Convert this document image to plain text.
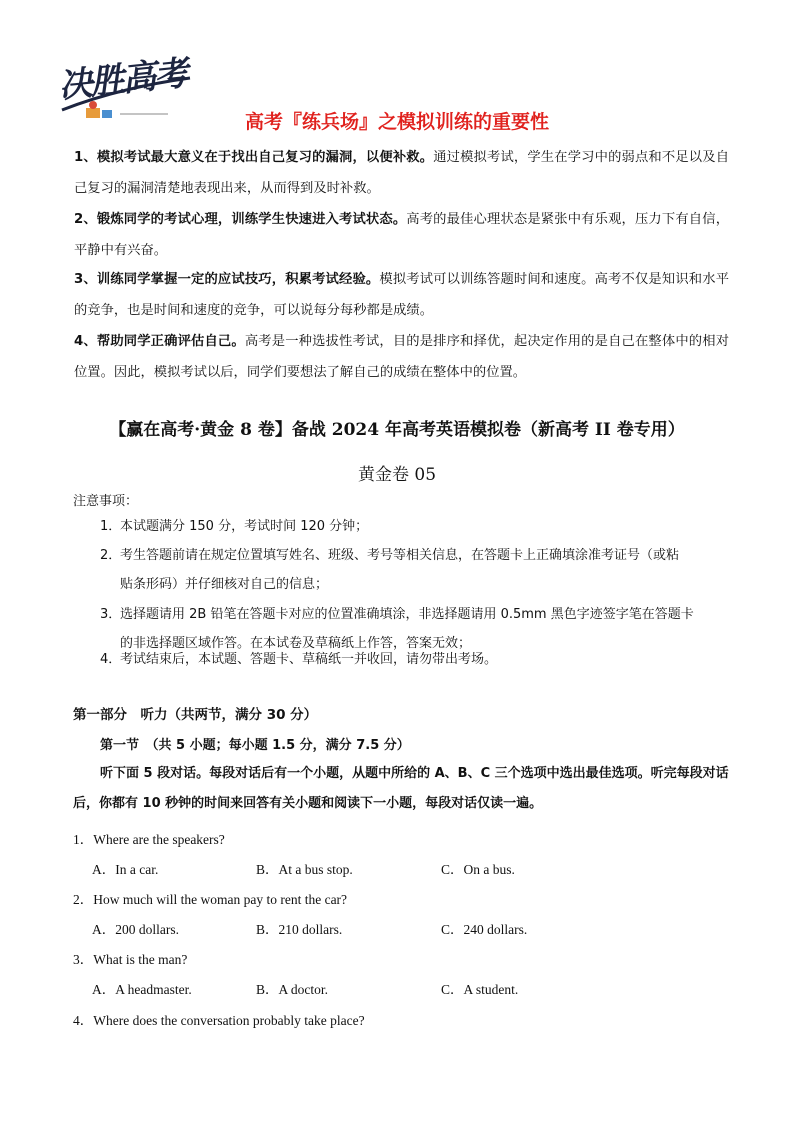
决胜高考
高考『练兵场』之模拟训练的重要性
1、模拟考试最大意义在于找出自己复习的漏洞，以便补救。通过模拟考试，学生在学习中的弱点和不足以及自己复习的漏洞清楚地表现出来，从而得到及时补救。
2、锻炼同学的考试心理，训练学生快速进入考试状态。高考的最佳心理状态是紧张中有乐观，压力下有自信，平静中有兴奋。
3、训练同学掌握一定的应试技巧，积累考试经验。模拟考试可以训练答题时间和速度。高考不仅是知识和水平的竞争，也是时间和速度的竞争，可以说每分每秒都是成绩。
4、帮助同学正确评估自己。高考是一种选拔性考试，目的是排序和择优，起决定作用的是自己在整体中的相对位置。因此，模拟考试以后，同学们要想法了解自己的成绩在整体中的位置。
【赢在高考·黄金 8 卷】备战 2024 年高考英语模拟卷（新高考 II 卷专用）
黄金卷 05
注意事项：
1．本试题满分 150 分，考试时间 120 分钟；
2．考生答题前请在规定位置填写姓名、班级、考号等相关信息，在答题卡上正确填涂准考证号（或粘
贴条形码）并仔细核对自己的信息；
3．选择题请用 2B 铅笔在答题卡对应的位置准确填涂，非选择题请用 0.5mm 黑色字迹签字笔在答题卡
的非选择题区域作答。在本试卷及草稿纸上作答，答案无效；
4．考试结束后，本试题、答题卡、草稿纸一并收回，请勿带出考场。
第一部分　听力（共两节，满分 30 分）
第一节　（共 5 小题；每小题 1.5 分，满分 7.5 分）
听下面 5 段对话。每段对话后有一个小题，从题中所给的 A、B、C 三个选项中选出最佳选项。听完每段对话后，你都有 10 秒钟的时间来回答有关小题和阅读下一小题，每段对话仅读一遍。
1．Where are the speakers?
A．In a car.	B．At a bus stop.	C．On a bus.
2．How much will the woman pay to rent the car?
A．200 dollars.	B．210 dollars.	C．240 dollars.
3．What is the man?
A．A headmaster.	B．A doctor.	C．A student.
4．Where does the conversation probably take place?
